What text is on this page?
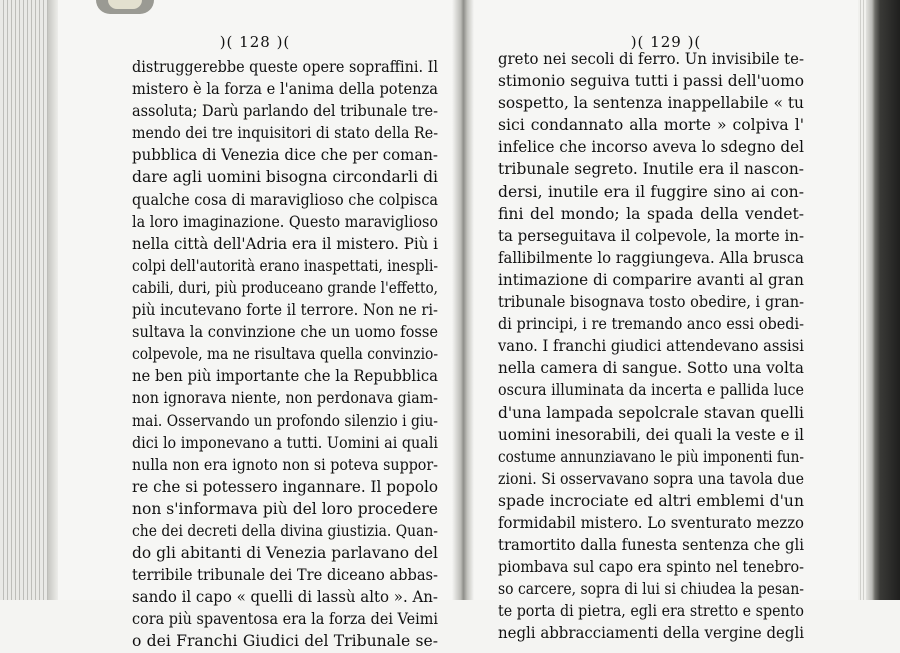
)( 128 )(
distruggerebbe queste opere sopraffini. Il
mistero è la forza e l'anima della potenza
assoluta; Darù parlando del tribunale tre-
mendo dei tre inquisitori di stato della Re-
pubblica di Venezia dice che per coman-
dare agli uomini bisogna circondarli di
qualche cosa di maraviglioso che colpisca
la loro imaginazione. Questo maraviglioso
nella città dell'Adria era il mistero. Più i
colpi dell'autorità erano inaspettati, inespli-
cabili, duri, più produceano grande l'effetto,
più incutevano forte il terrore. Non ne ri-
sultava la convinzione che un uomo fosse
colpevole, ma ne risultava quella convinzio-
ne ben più importante che la Repubblica
non ignorava niente, non perdonava giam-
mai. Osservando un profondo silenzio i giu-
dici lo imponevano a tutti. Uomini ai quali
nulla non era ignoto non si poteva suppor-
re che si potessero ingannare. Il popolo
non s'informava più del loro procedere
che dei decreti della divina giustizia. Quan-
do gli abitanti di Venezia parlavano del
terribile tribunale dei Tre diceano abbas-
sando il capo « quelli di lassù alto ». An-
cora più spaventosa era la forza dei Veimi
o dei Franchi Giudici del Tribunale se-
)( 129 )(
greto nei secoli di ferro. Un invisibile te-
stimonio seguiva tutti i passi dell'uomo
sospetto, la sentenza inappellabile « tu
sici condannato alla morte » colpiva l'
infelice che incorso aveva lo sdegno del
tribunale segreto. Inutile era il nascon-
dersi, inutile era il fuggire sino ai con-
fini del mondo; la spada della vendet-
ta perseguitava il colpevole, la morte in-
fallibilmente lo raggiungeva. Alla brusca
intimazione di comparire avanti al gran
tribunale bisognava tosto obedire, i gran-
di principi, i re tremando anco essi obedi-
vano. I franchi giudici attendevano assisi
nella camera di sangue. Sotto una volta
oscura illuminata da incerta e pallida luce
d'una lampada sepolcrale stavan quelli
uomini inesorabili, dei quali la veste e il
costume annunziavano le più imponenti fun-
zioni. Si osservavano sopra una tavola due
spade incrociate ed altri emblemi d'un
formidabil mistero. Lo sventurato mezzo
tramortito dalla funesta sentenza che gli
piombava sul capo era spinto nel tenebro-
so carcere, sopra di lui si chiudea la pesan-
te porta di pietra, egli era stretto e spento
negli abbracciamenti della vergine degli
